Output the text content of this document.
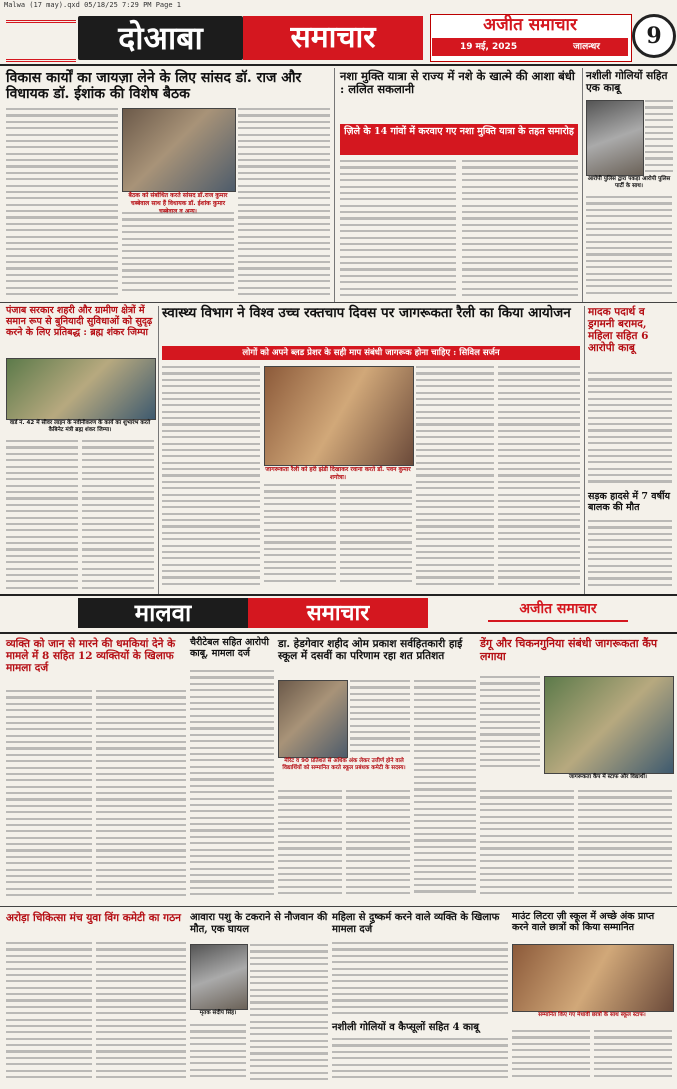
Malwa (17 may).qxd 05/18/25 7:29 PM Page 1
दोआबा	समाचार	अजीत समाचार
19 मई, 2025	जालन्धर	9
विकास कार्यों का जायज़ा लेने के लिए सांसद डॉ. राज और विधायक डॉ. ईशांक की विशेष बैठक
बैठक को संबोधित करते सांसद डॉ.राज कुमार चब्बेवाल साथ हैं विधायक डॉ. ईशांक कुमार
नशा मुक्ति यात्रा से राज्य में नशे के खात्मे की आशा बंधी : ललित सकलानी
ज़िले के 14 गांवों में करवाए गए नशा मुक्ति यात्रा के तहत समारोह
नशीली गोलियों सहित एक काबू
आरोपी पुलिस द्वारा पकड़ा आरोपी पुलिस पार्टी के साथ।
पंजाब सरकार शहरी और ग्रामीण क्षेत्रों में समान रूप से बुनियादी सुविधाओं को सुदृढ़ करने के लिए प्रतिबद्ध : ब्रह्म शंकर जिम्पा
वार्ड नं. 42 में सीवर लाइन के नवीनीकरण के कार्य का शुभारंभ करते कैबिनेट मंत्री ब्रह्म शंकर जिम्पा।
स्वास्थ्य विभाग ने विश्व उच्च रक्तचाप दिवस पर जागरूकता रैली का किया आयोजन
लोगों को अपने ब्लड प्रेशर के सही माप संबंधी जागरूक होना चाहिए : सिविल सर्जन
जागरूकता रैली को हरी झंडी दिखाकर रवाना करते डॉ. पवन कुमार शगोत्रा।
मादक पदार्थ व ड्रगमनी बरामद, महिला सहित 6 आरोपी काबू
सड़क हादसे में 7 वर्षीय बालक की मौत
मालवा	समाचार	अजीत समाचार
व्यक्ति को जान से मारने की धमकियां देने के मामले में 8 सहित 12 व्यक्तियों के खिलाफ मामला दर्ज
चैरीटेबल सहित आरोपी काबू, मामला दर्ज
डा. हेडगेवार शहीद ओम प्रकाश सर्वहितकारी हाई स्कूल में दसवीं का परिणाम रहा शत प्रतिशत
मेरिट व 90 प्रतिशत से अधिक अंक लेकर उत्तीर्ण होने वाले विद्यार्थियों को सम्मानित करते स्कूल प्रबंधक कमेटी के सदस्य।
डेंगू और चिकनगुनिया संबंधी जागरूकता कैंप लगाया
जागरूकता कैंप में स्टाफ और विद्यार्थी।
अरोड़ा चिकित्सा मंच युवा विंग कमेटी का गठन आवारा पशु के टकराने से नौजवान की मौत, एक घायल
मृतक संदीप सिंह।
महिला से दुष्कर्म करने वाले व्यक्ति के खिलाफ मामला दर्ज
नशीली गोलियों व कैप्सूलों सहित 4 काबू
माउंट लिटरा ज़ी स्कूल में अच्छे अंक प्राप्त करने वाले छात्रों को किया सम्मानित
सम्मानित किए गए मेधावी छात्रों के साथ स्कूल स्टाफ।
